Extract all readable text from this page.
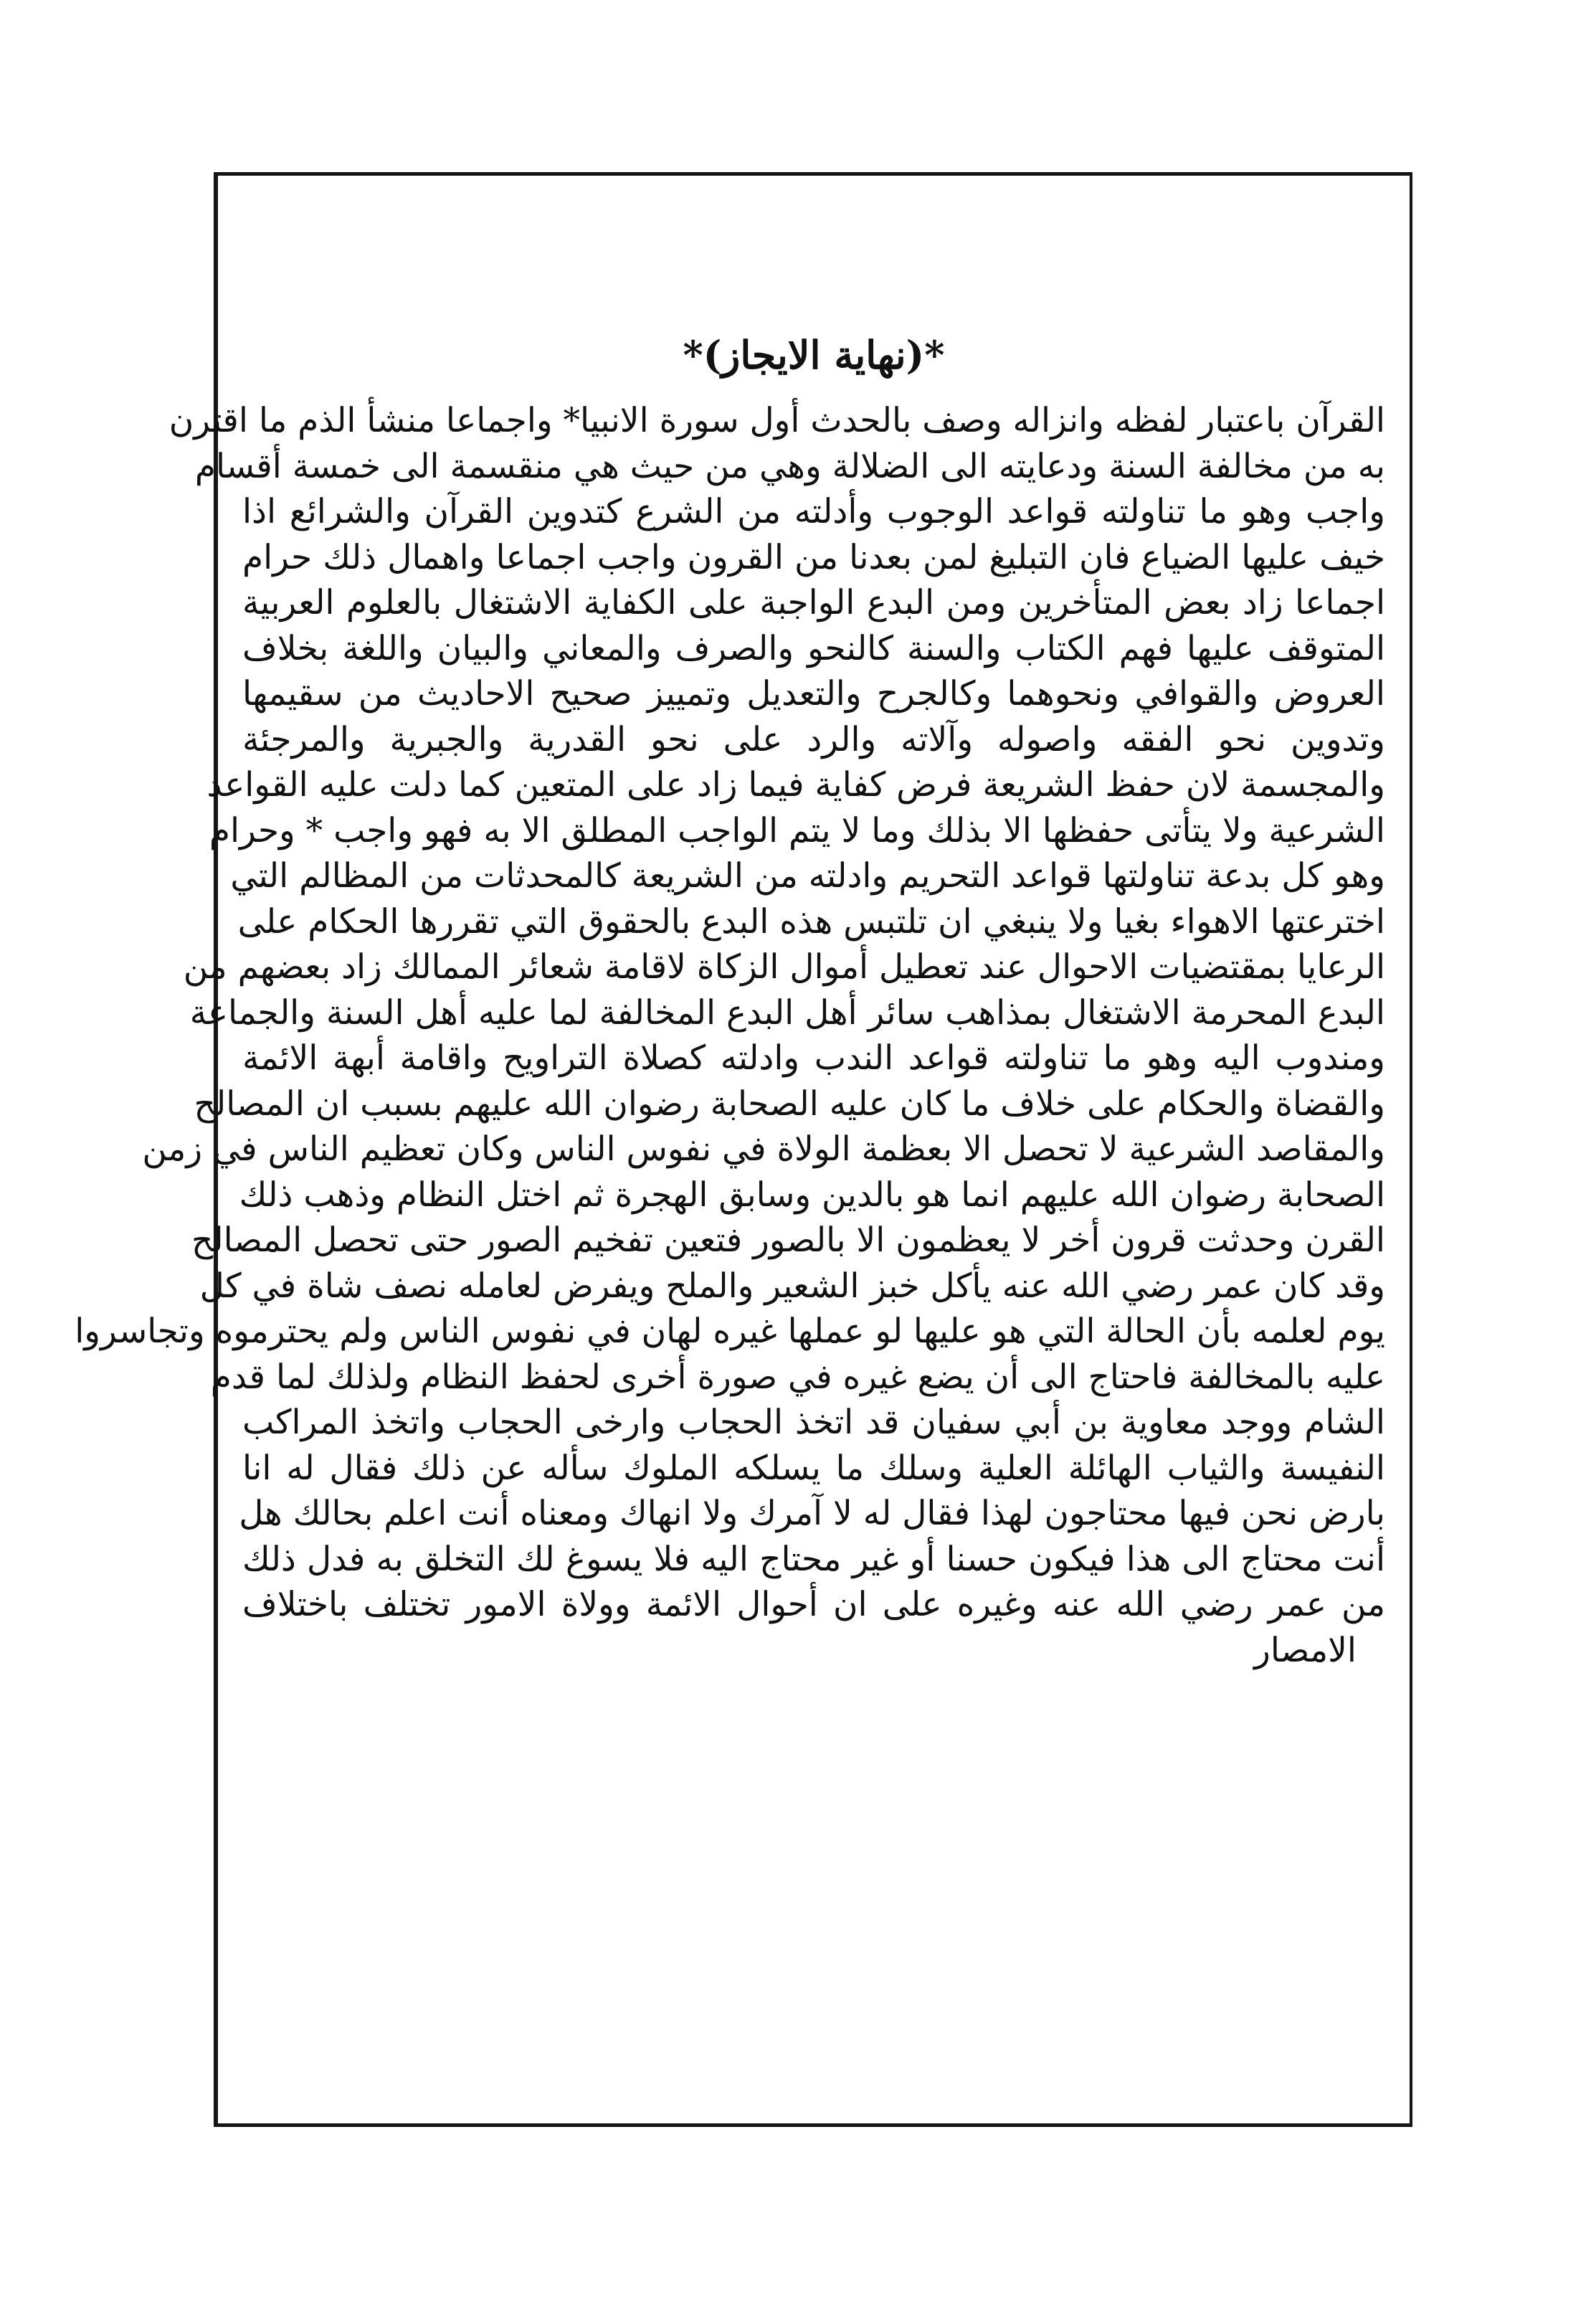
*(نهاية الايجاز)*
القرآن باعتبار لفظه وانزاله وصف بالحدث أول سورة الانبيا* واجماعا منشأ الذم ما اقترن
به من مخالفة السنة ودعايته الى الضلالة وهي من حيث هي منقسمة الى خمسة أقسام
واجب وهو ما تناولته قواعد الوجوب وأدلته من الشرع كتدوين القرآن والشرائع اذا
خيف عليها الضياع فان التبليغ لمن بعدنا من القرون واجب اجماعا واهمال ذلك حرام
اجماعا زاد بعض المتأخرين ومن البدع الواجبة على الكفاية الاشتغال بالعلوم العربية
المتوقف عليها فهم الكتاب والسنة كالنحو والصرف والمعاني والبيان واللغة بخلاف
العروض والقوافي ونحوهما وكالجرح والتعديل وتمييز صحيح الاحاديث من سقيمها
وتدوين نحو الفقه واصوله وآلاته والرد على نحو القدرية والجبرية والمرجئة
والمجسمة لان حفظ الشريعة فرض كفاية فيما زاد على المتعين كما دلت عليه القواعد
الشرعية ولا يتأتى حفظها الا بذلك وما لا يتم الواجب المطلق الا به فهو واجب * وحرام
وهو كل بدعة تناولتها قواعد التحريم وادلته من الشريعة كالمحدثات من المظالم التي
اخترعتها الاهواء بغيا ولا ينبغي ان تلتبس هذه البدع بالحقوق التي تقررها الحكام على
الرعايا بمقتضيات الاحوال عند تعطيل أموال الزكاة لاقامة شعائر الممالك زاد بعضهم من
البدع المحرمة الاشتغال بمذاهب سائر أهل البدع المخالفة لما عليه أهل السنة والجماعة
ومندوب اليه وهو ما تناولته قواعد الندب وادلته كصلاة التراويح واقامة أبهة الائمة
والقضاة والحكام على خلاف ما كان عليه الصحابة رضوان الله عليهم بسبب ان المصالح
والمقاصد الشرعية لا تحصل الا بعظمة الولاة في نفوس الناس وكان تعظيم الناس في زمن
الصحابة رضوان الله عليهم انما هو بالدين وسابق الهجرة ثم اختل النظام وذهب ذلك
القرن وحدثت قرون أخر لا يعظمون الا بالصور فتعين تفخيم الصور حتى تحصل المصالح
وقد كان عمر رضي الله عنه يأكل خبز الشعير والملح ويفرض لعامله نصف شاة في كل
يوم لعلمه بأن الحالة التي هو عليها لو عملها غيره لهان في نفوس الناس ولم يحترموه وتجاسروا
عليه بالمخالفة فاحتاج الى أن يضع غيره في صورة أخرى لحفظ النظام ولذلك لما قدم
الشام ووجد معاوية بن أبي سفيان قد اتخذ الحجاب وارخى الحجاب واتخذ المراكب
النفيسة والثياب الهائلة العلية وسلك ما يسلكه الملوك سأله عن ذلك فقال له انا
بارض نحن فيها محتاجون لهذا فقال له لا آمرك ولا انهاك ومعناه أنت اعلم بحالك هل
أنت محتاج الى هذا فيكون حسنا أو غير محتاج اليه فلا يسوغ لك التخلق به فدل ذلك
من عمر رضي الله عنه وغيره على ان أحوال الائمة وولاة الامور تختلف باختلاف
الامصار
